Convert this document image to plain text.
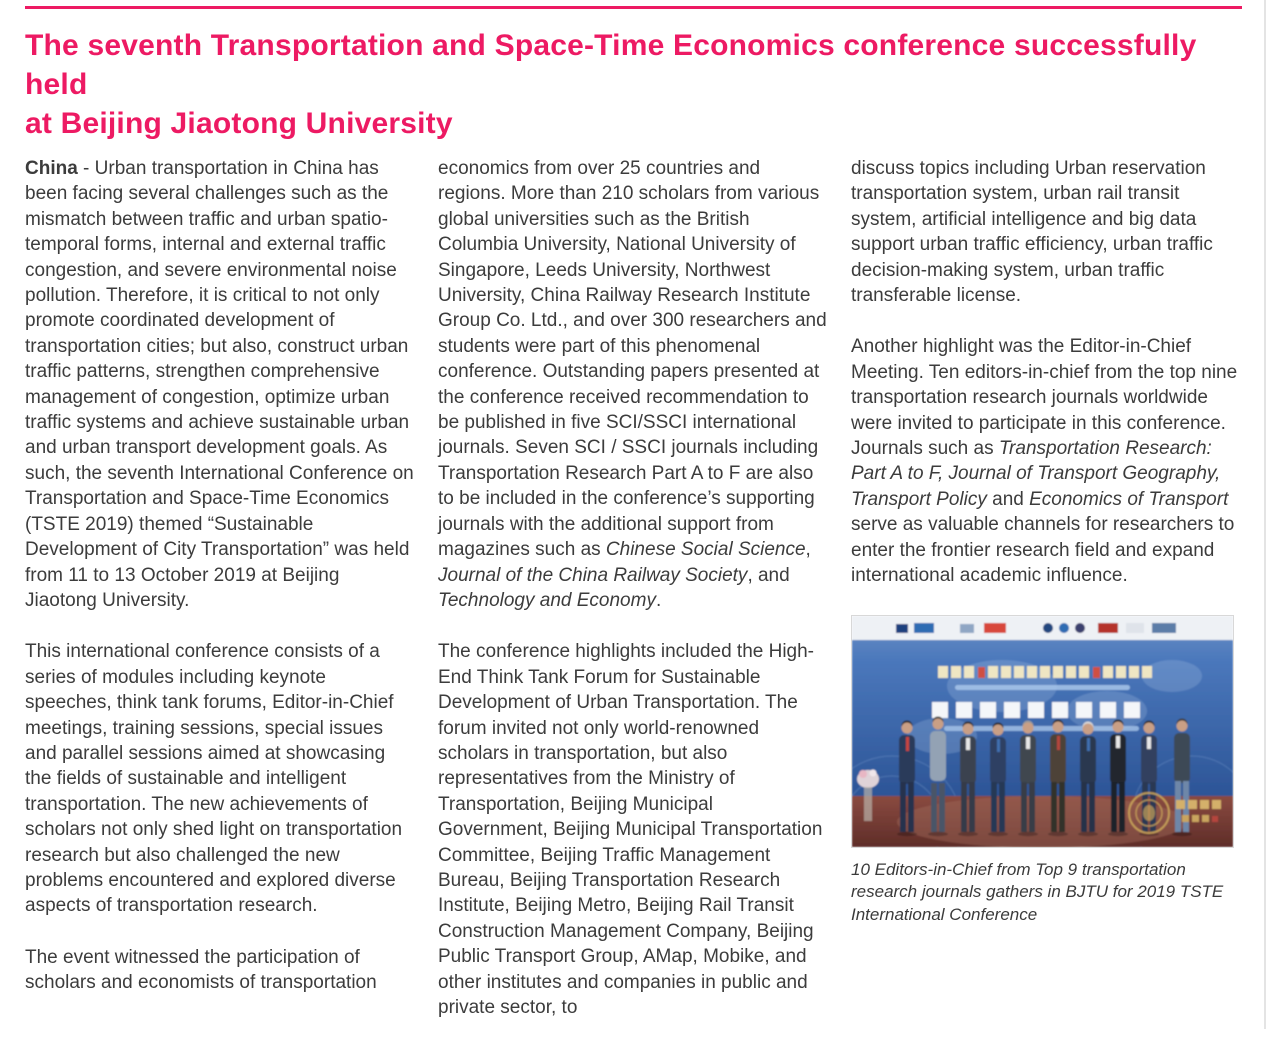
The seventh Transportation and Space-Time Economics conference successfully held
at Beijing Jiaotong University

China - Urban transportation in China has been facing several challenges such as the mismatch between traffic and urban spatio-temporal forms, internal and external traffic congestion, and severe environmental noise pollution. Therefore, it is critical to not only promote coordinated development of transportation cities; but also, construct urban traffic patterns, strengthen comprehensive management of congestion, optimize urban traffic systems and achieve sustainable urban and urban transport development goals. As such, the seventh International Conference on Transportation and Space-Time Economics (TSTE 2019) themed “Sustainable Development of City Transportation” was held from 11 to 13 October 2019 at Beijing Jiaotong University.

This international conference consists of a series of modules including keynote speeches, think tank forums, Editor-in-Chief meetings, training sessions, special issues and parallel sessions aimed at showcasing the fields of sustainable and intelligent transportation. The new achievements of scholars not only shed light on transportation research but also challenged the new problems encountered and explored diverse aspects of transportation research.

The event witnessed the participation of scholars and economists of transportation

economics from over 25 countries and regions. More than 210 scholars from various global universities such as the British Columbia University, National University of Singapore, Leeds University, Northwest University, China Railway Research Institute Group Co. Ltd., and over 300 researchers and students were part of this phenomenal conference. Outstanding papers presented at the conference received recommendation to be published in five SCI/SSCI international journals. Seven SCI / SSCI journals including Transportation Research Part A to F are also to be included in the conference’s supporting journals with the additional support from magazines such as Chinese Social Science, Journal of the China Railway Society, and Technology and Economy.

The conference highlights included the High-End Think Tank Forum for Sustainable Development of Urban Transportation. The forum invited not only world-renowned scholars in transportation, but also representatives from the Ministry of Transportation, Beijing Municipal Government, Beijing Municipal Transportation Committee, Beijing Traffic Management Bureau, Beijing Transportation Research Institute, Beijing Metro, Beijing Rail Transit Construction Management Company, Beijing Public Transport Group, AMap, Mobike, and other institutes and companies in public and private sector, to

discuss topics including Urban reservation transportation system, urban rail transit system, artificial intelligence and big data support urban traffic efficiency, urban traffic decision-making system, urban traffic transferable license.

Another highlight was the Editor-in-Chief Meeting. Ten editors-in-chief from the top nine transportation research journals worldwide were invited to participate in this conference. Journals such as Transportation Research: Part A to F, Journal of Transport Geography, Transport Policy and Economics of Transport serve as valuable channels for researchers to enter the frontier research field and expand international academic influence.

10 Editors-in-Chief from Top 9 transportation research journals gathers in BJTU for 2019 TSTE International Conference
